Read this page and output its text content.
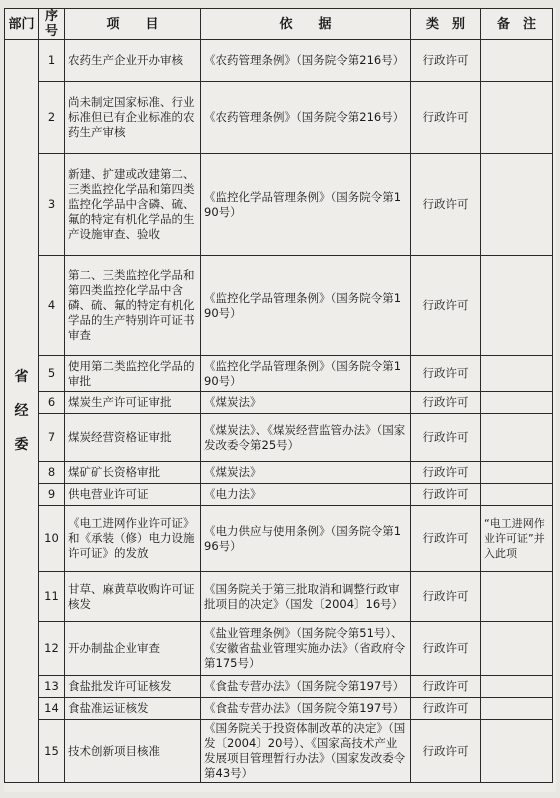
部门	序号	项　　目	依　　据	类　别	备　注

省
经
委	1	农药生产企业开办审核	《农药管理条例》（国务院令第216号）	行政许可	
	2	尚未制定国家标准、行业标准但已有企业标准的农药生产审核	《农药管理条例》（国务院令第216号）	行政许可	
	3	新建、扩建或改建第二、三类监控化学品和第四类监控化学品中含磷、硫、氟的特定有机化学品的生产设施审查、验收	《监控化学品管理条例》（国务院令第190号）	行政许可	
	4	第二、三类监控化学品和第四类监控化学品中含磷、硫、氟的特定有机化学品的生产特别许可证书审查	《监控化学品管理条例》（国务院令第190号）	行政许可	
	5	使用第二类监控化学品的审批	《监控化学品管理条例》（国务院令第190号）	行政许可	
	6	煤炭生产许可证审批	《煤炭法》	行政许可	
	7	煤炭经营资格证审批	《煤炭法》、《煤炭经营监管办法》（国家发改委令第25号）	行政许可	
	8	煤矿矿长资格审批	《煤炭法》	行政许可	
	9	供电营业许可证	《电力法》	行政许可	
	10	《电工进网作业许可证》和《承装（修）电力设施许可证》的发放	《电力供应与使用条例》（国务院令第196号）	行政许可	“电工进网作业许可证”并入此项
	11	甘草、麻黄草收购许可证核发	《国务院关于第三批取消和调整行政审批项目的决定》（国发〔2004〕16号）	行政许可	
	12	开办制盐企业审查	《盐业管理条例》（国务院令第51号）、《安徽省盐业管理实施办法》（省政府令第175号）	行政许可	
	13	食盐批发许可证核发	《食盐专营办法》（国务院令第197号）	行政许可	
	14	食盐准运证核发	《食盐专营办法》（国务院令第197号）	行政许可	
	15	技术创新项目核准	《国务院关于投资体制改革的决定》（国发〔2004〕20号）、《国家高技术产业发展项目管理暂行办法》（国家发改委令第43号）	行政许可	
